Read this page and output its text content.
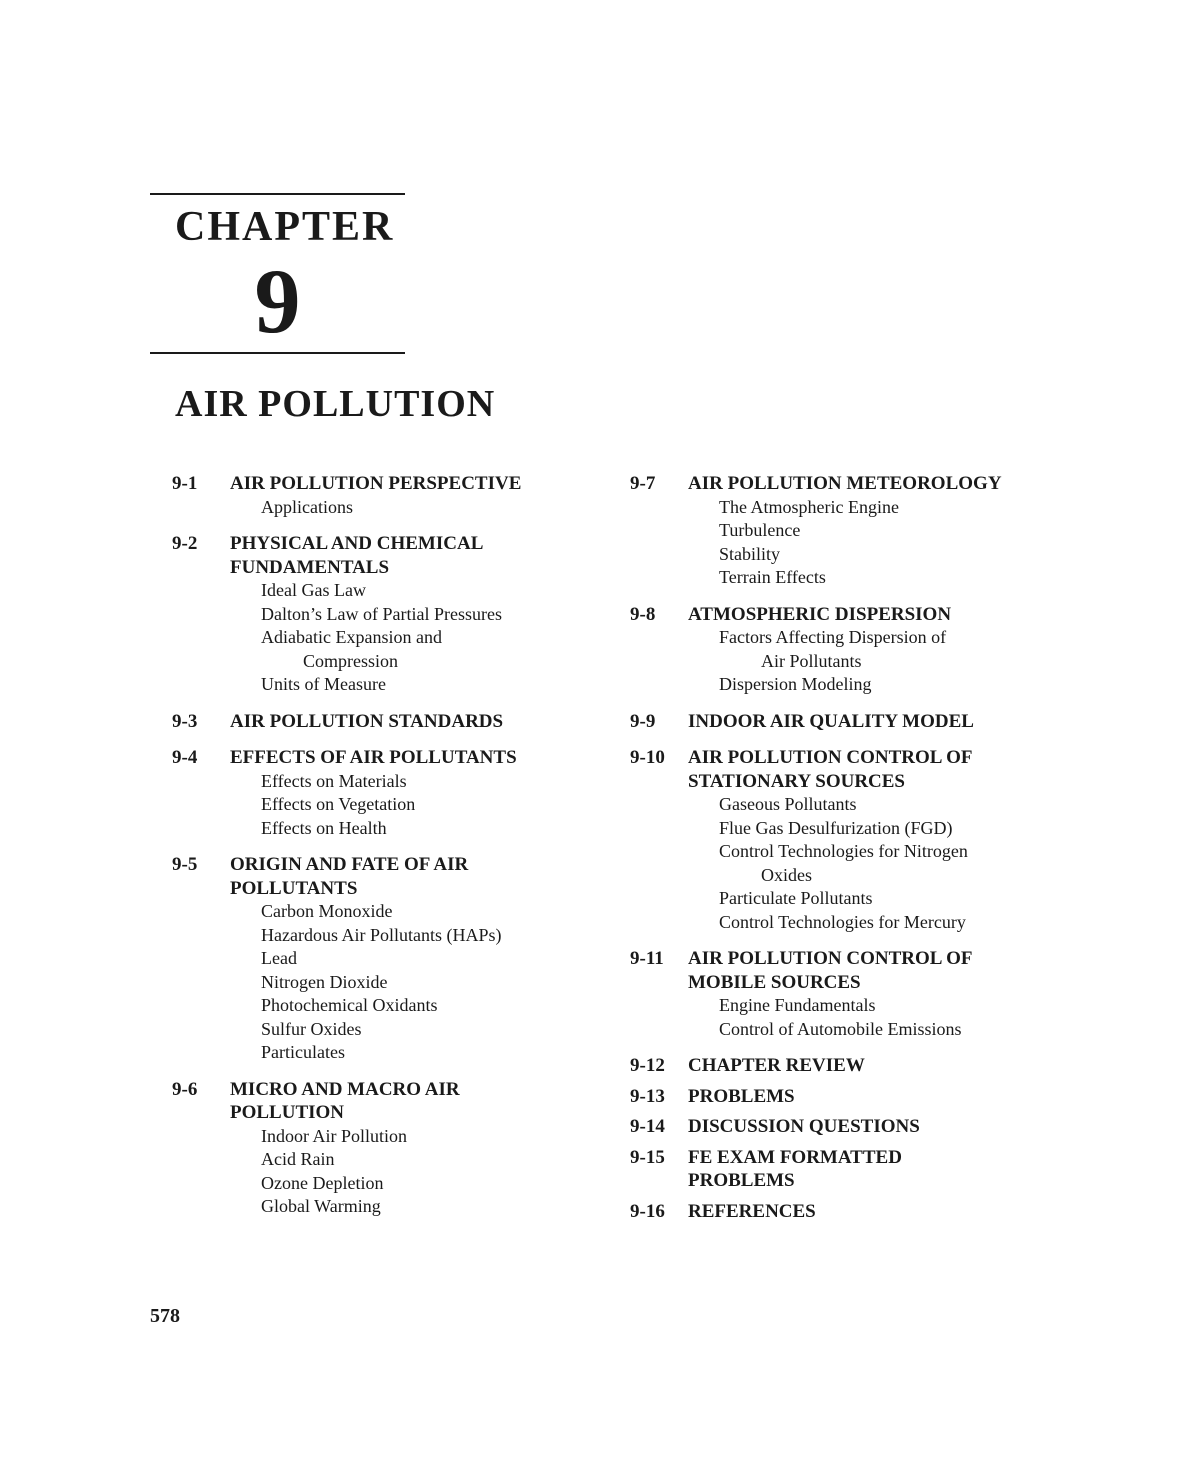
CHAPTER
9
AIR POLLUTION
9-1	AIR POLLUTION PERSPECTIVE
Applications
9-2	PHYSICAL AND CHEMICAL
FUNDAMENTALS
Ideal Gas Law
Dalton’s Law of Partial Pressures
Adiabatic Expansion and
Compression
Units of Measure
9-3	AIR POLLUTION STANDARDS
9-4	EFFECTS OF AIR POLLUTANTS
Effects on Materials
Effects on Vegetation
Effects on Health
9-5	ORIGIN AND FATE OF AIR
POLLUTANTS
Carbon Monoxide
Hazardous Air Pollutants (HAPs)
Lead
Nitrogen Dioxide
Photochemical Oxidants
Sulfur Oxides
Particulates
9-6	MICRO AND MACRO AIR
POLLUTION
Indoor Air Pollution
Acid Rain
Ozone Depletion
Global Warming
9-7	AIR POLLUTION METEOROLOGY
The Atmospheric Engine
Turbulence
Stability
Terrain Effects
9-8	ATMOSPHERIC DISPERSION
Factors Affecting Dispersion of
Air Pollutants
Dispersion Modeling
9-9	INDOOR AIR QUALITY MODEL
9-10	AIR POLLUTION CONTROL OF
STATIONARY SOURCES
Gaseous Pollutants
Flue Gas Desulfurization (FGD)
Control Technologies for Nitrogen
Oxides
Particulate Pollutants
Control Technologies for Mercury
9-11	AIR POLLUTION CONTROL OF
MOBILE SOURCES
Engine Fundamentals
Control of Automobile Emissions
9-12	CHAPTER REVIEW
9-13	PROBLEMS
9-14	DISCUSSION QUESTIONS
9-15	FE EXAM FORMATTED
PROBLEMS
9-16	REFERENCES
578
